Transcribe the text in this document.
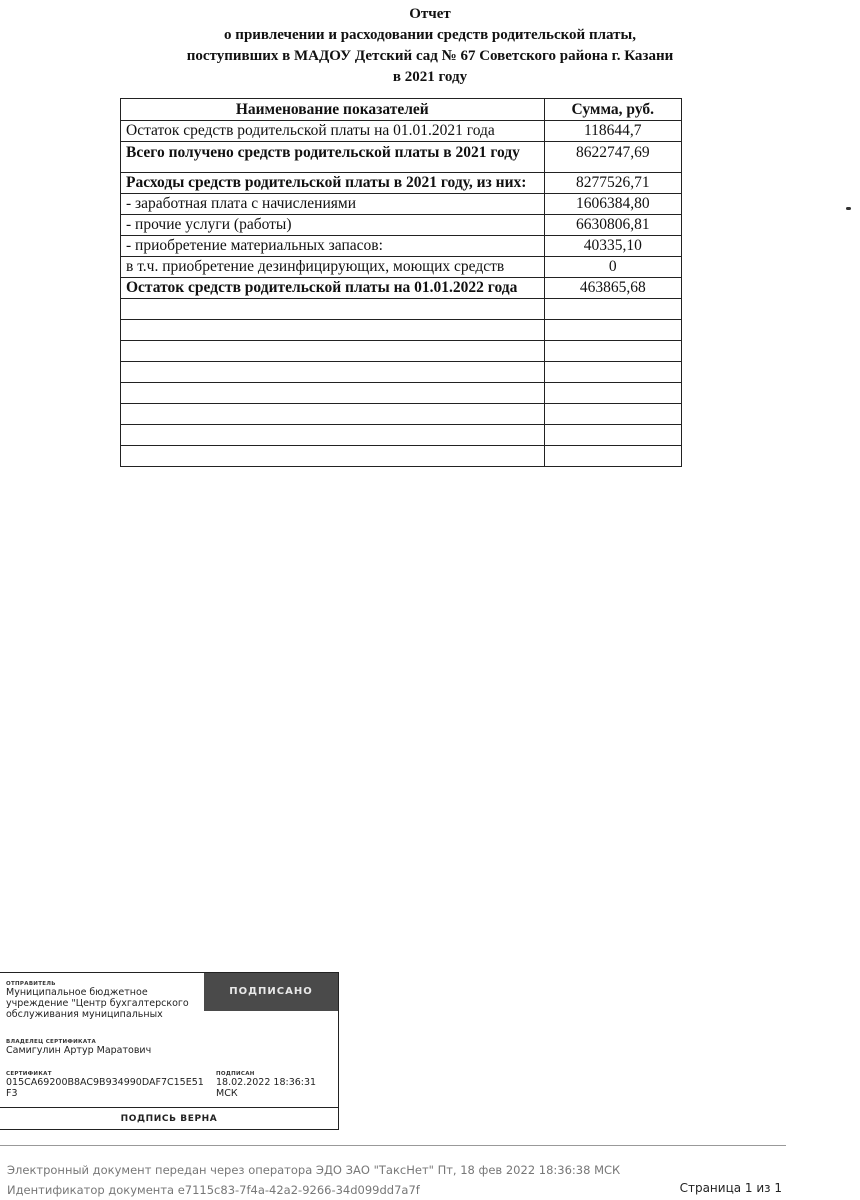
Отчет
о привлечении и расходовании средств родительской платы,
поступивших в МАДОУ Детский сад № 67 Советского района г. Казани
в 2021 году
Наименование показателей	Сумма, руб.
Остаток средств родительской платы на 01.01.2021 года	118644,7
Всего получено средств родительской платы в 2021 году	8622747,69
Расходы средств родительской платы в 2021 году, из них:	8277526,71
- заработная плата с начислениями	1606384,80
- прочие услуги (работы)	6630806,81
- приобретение материальных запасов:	40335,10
в т.ч. приобретение дезинфицирующих, моющих средств	0
Остаток средств родительской платы на 01.01.2022 года	463865,68

ОТПРАВИТЕЛЬ
Муниципальное бюджетное учреждение "Центр бухгалтерского обслуживания муниципальных
ПОДПИСАНО
ВЛАДЕЛЕЦ СЕРТИФИКАТА
Самигулин Артур Маратович
СЕРТИФИКАТ
015CA69200B8AC9B934990DAF7C15E51F3
ПОДПИСАН
18.02.2022 18:36:31 МСК
ПОДПИСЬ ВЕРНА
Электронный документ передан через оператора ЭДО ЗАО "ТаксНет" Пт, 18 фев 2022 18:36:38 МСК
Идентификатор документа e7115c83-7f4a-42a2-9266-34d099dd7a7f	Страница 1 из 1
